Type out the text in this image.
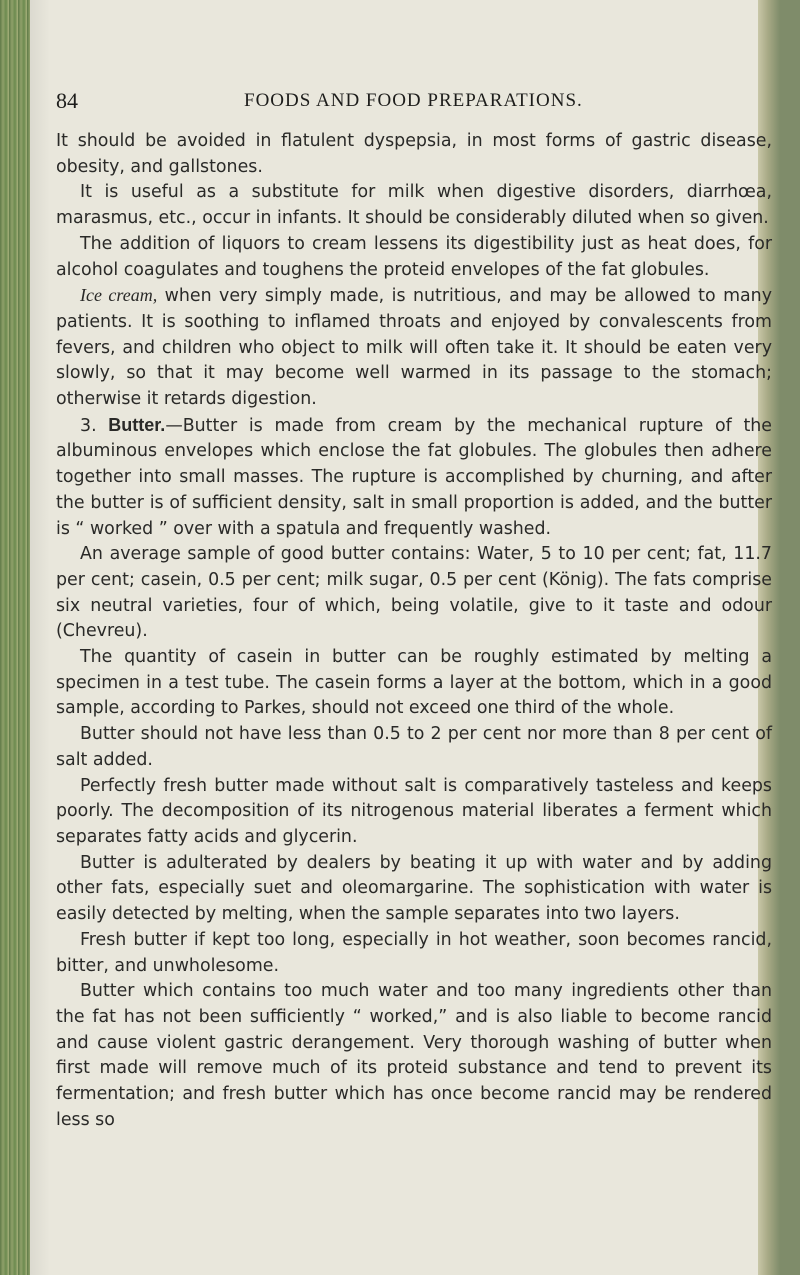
84	FOODS AND FOOD PREPARATIONS.

It should be avoided in flatulent dyspepsia, in most forms of gastric disease, obesity, and gallstones.

It is useful as a substitute for milk when digestive disorders, diarrhœa, marasmus, etc., occur in infants. It should be considerably diluted when so given.

The addition of liquors to cream lessens its digestibility just as heat does, for alcohol coagulates and toughens the proteid envelopes of the fat globules.

Ice cream, when very simply made, is nutritious, and may be allowed to many patients. It is soothing to inflamed throats and enjoyed by convalescents from fevers, and children who object to milk will often take it. It should be eaten very slowly, so that it may become well warmed in its passage to the stomach; otherwise it retards digestion.

3. Butter.—Butter is made from cream by the mechanical rupture of the albuminous envelopes which enclose the fat globules. The globules then adhere together into small masses. The rupture is accomplished by churning, and after the butter is of sufficient density, salt in small proportion is added, and the butter is “ worked ” over with a spatula and frequently washed.

An average sample of good butter contains: Water, 5 to 10 per cent; fat, 11.7 per cent; casein, 0.5 per cent; milk sugar, 0.5 per cent (König). The fats comprise six neutral varieties, four of which, being volatile, give to it taste and odour (Chevreu).

The quantity of casein in butter can be roughly estimated by melting a specimen in a test tube. The casein forms a layer at the bottom, which in a good sample, according to Parkes, should not exceed one third of the whole.

Butter should not have less than 0.5 to 2 per cent nor more than 8 per cent of salt added.

Perfectly fresh butter made without salt is comparatively tasteless and keeps poorly. The decomposition of its nitrogenous material liberates a ferment which separates fatty acids and glycerin.

Butter is adulterated by dealers by beating it up with water and by adding other fats, especially suet and oleomargarine. The sophistication with water is easily detected by melting, when the sample separates into two layers.

Fresh butter if kept too long, especially in hot weather, soon becomes rancid, bitter, and unwholesome.

Butter which contains too much water and too many ingredients other than the fat has not been sufficiently “ worked,” and is also liable to become rancid and cause violent gastric derangement. Very thorough washing of butter when first made will remove much of its proteid substance and tend to prevent its fermentation; and fresh butter which has once become rancid may be rendered less so
